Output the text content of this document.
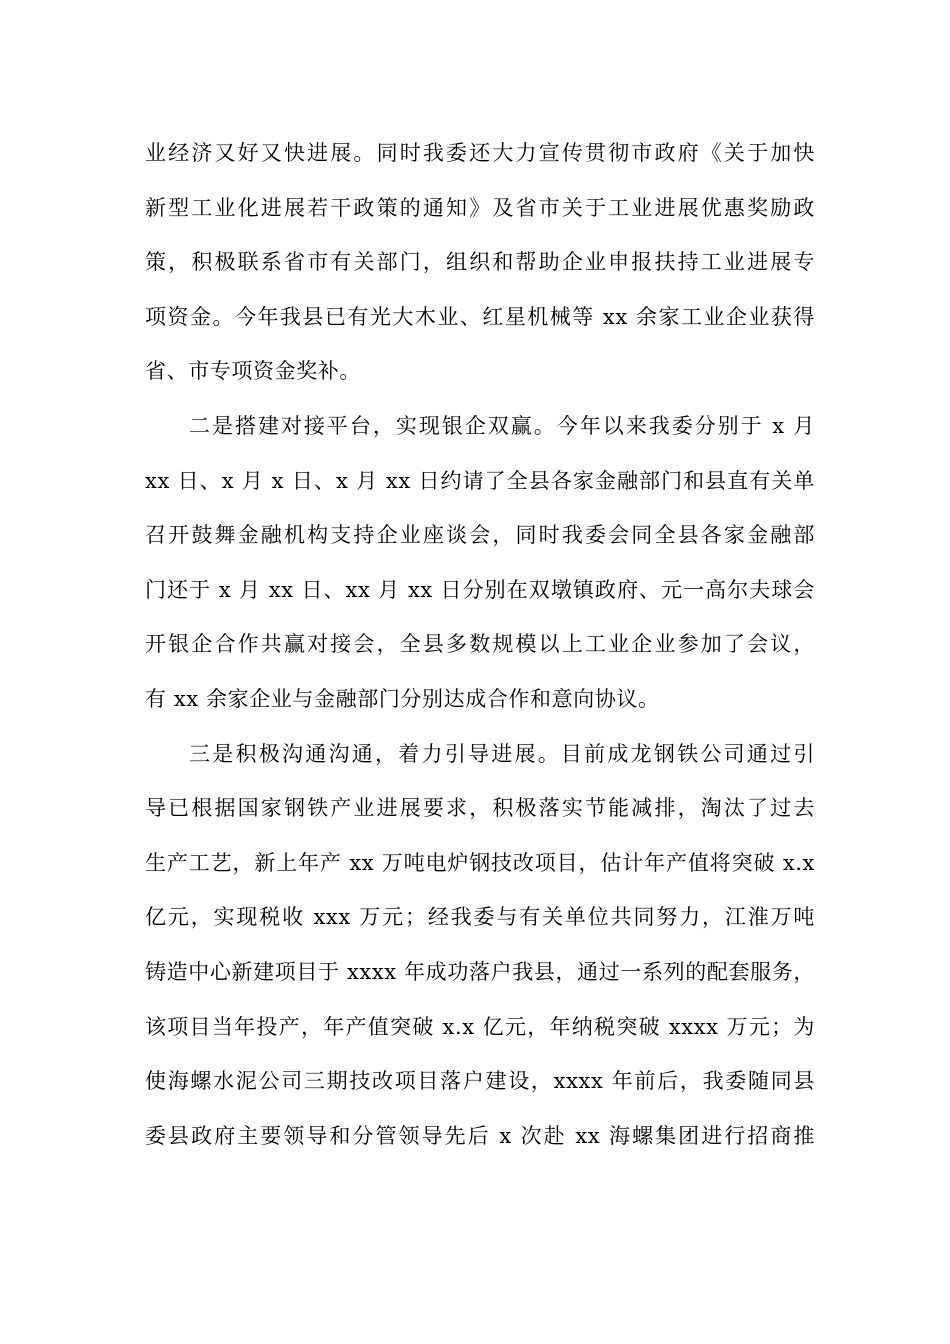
业经济又好又快进展。同时我委还大力宣传贯彻市政府《关于加快
新型工业化进展若干政策的通知》及省市关于工业进展优惠奖励政
策，积极联系省市有关部门，组织和帮助企业申报扶持工业进展专
项资金。今年我县已有光大木业、红星机械等 xx 余家工业企业获得
省、市专项资金奖补。
二是搭建对接平台，实现银企双赢。今年以来我委分别于 x 月
xx 日、x 月 x 日、x 月 xx 日约请了全县各家金融部门和县直有关单
召开鼓舞金融机构支持企业座谈会，同时我委会同全县各家金融部
门还于 x 月 xx 日、xx 月 xx 日分别在双墩镇政府、元一高尔夫球会
开银企合作共赢对接会，全县多数规模以上工业企业参加了会议，
有 xx 余家企业与金融部门分别达成合作和意向协议。
三是积极沟通沟通，着力引导进展。目前成龙钢铁公司通过引
导已根据国家钢铁产业进展要求，积极落实节能减排，淘汰了过去
生产工艺，新上年产 xx 万吨电炉钢技改项目，估计年产值将突破 x.x
亿元，实现税收 xxx 万元；经我委与有关单位共同努力，江淮万吨
铸造中心新建项目于 xxxx 年成功落户我县，通过一系列的配套服务，
该项目当年投产，年产值突破 x.x 亿元，年纳税突破 xxxx 万元；为
使海螺水泥公司三期技改项目落户建设，xxxx 年前后，我委随同县
委县政府主要领导和分管领导先后 x 次赴 xx 海螺集团进行招商推
